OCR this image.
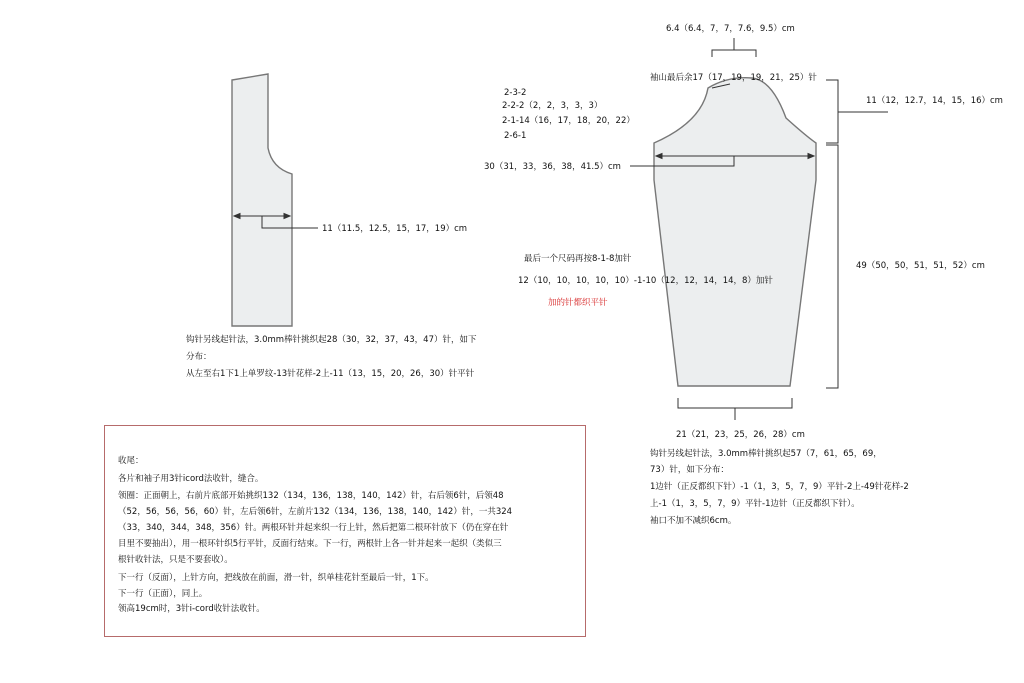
11（11.5，12.5，15，17，19）cm
钩针另线起针法，3.0mm棒针挑织起28（30，32，37，43，47）针，如下
分布：
从左至右1下1上单罗纹-13针花样-2上-11（13，15，20，26，30）针平针
6.4（6.4，7，7，7.6，9.5）cm
袖山最后余17（17，19，19，21，25）针
2-3-2
2-2-2（2，2，3，3，3）
2-1-14（16，17，18，20，22）
2-6-1
11（12，12.7，14，15，16）cm
30（31，33，36，38，41.5）cm
49（50，50，51，51，52）cm
最后一个尺码再按8-1-8加针
12（10，10，10，10，10）-1-10（12，12，14，14，8）加针
加的针都织平针
21（21，23，25，26，28）cm
钩针另线起针法，3.0mm棒针挑织起57（7，61，65，69，
73）针，如下分布：
1边针（正反都织下针）-1（1，3，5，7，9）平针-2上-49针花样-2
上-1（1，3，5，7，9）平针-1边针（正反都织下针）。
袖口不加不减织6cm。
收尾：
各片和袖子用3针icord法收针，缝合。
领圈：正面朝上，右前片底部开始挑织132（134，136，138，140，142）针，右后领6针，后领48
（52，56，56，56，60）针，左后领6针，左前片132（134，136，138，140，142）针，一共324
（33，340，344，348，356）针。两根环针并起来织一行上针，然后把第二根环针放下（仍在穿在针
目里不要抽出），用一根环针织5行平针，反面行结束。下一行，两根针上各一针并起来一起织（类似三
根针收针法，只是不要套收）。
下一行（反面），上针方向，把线放在前面，滑一针，织单桂花针至最后一针，1下。
下一行（正面），同上。
领高19cm时，3针i-cord收针法收针。
